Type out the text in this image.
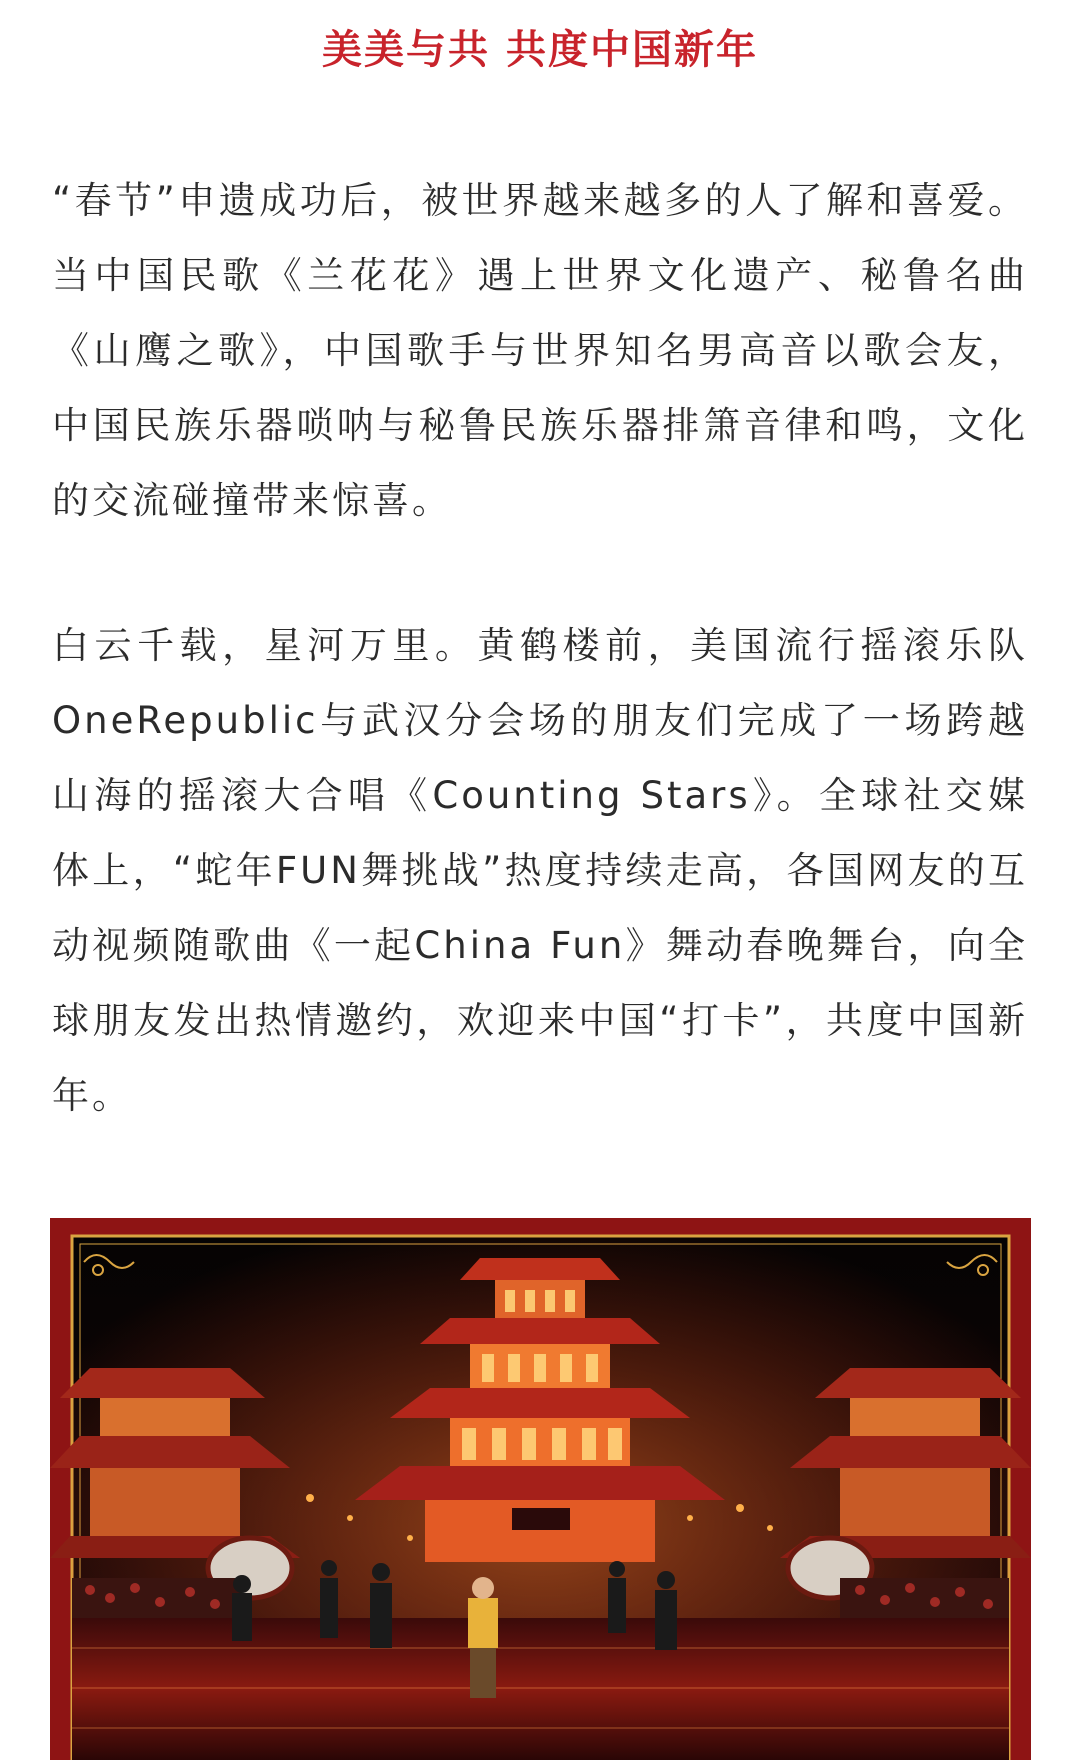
美美与共 共度中国新年

“春节”申遗成功后，被世界越来越多的人了解和喜爱。当中国民歌《兰花花》遇上世界文化遗产、秘鲁名曲《山鹰之歌》，中国歌手与世界知名男高音以歌会友，中国民族乐器唢呐与秘鲁民族乐器排箫音律和鸣，文化的交流碰撞带来惊喜。

白云千载，星河万里。黄鹤楼前，美国流行摇滚乐队OneRepublic与武汉分会场的朋友们完成了一场跨越山海的摇滚大合唱《Counting Stars》。全球社交媒体上，“蛇年FUN舞挑战”热度持续走高，各国网友的互动视频随歌曲《一起China Fun》舞动春晚舞台，向全球朋友发出热情邀约，欢迎来中国“打卡”，共度中国新年。
